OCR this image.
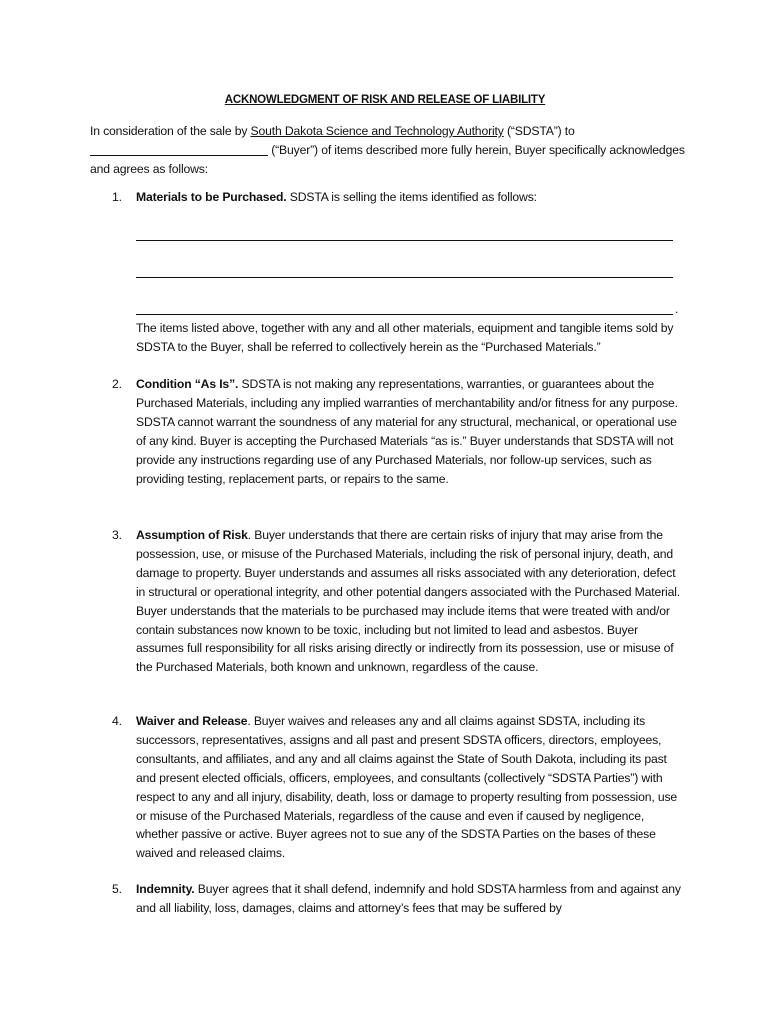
ACKNOWLEDGMENT OF RISK AND RELEASE OF LIABILITY
In consideration of the sale by South Dakota Science and Technology Authority (“SDSTA”) to
(“Buyer”) of items described more fully herein, Buyer specifically acknowledges and agrees as follows:
1.	Materials to be Purchased. SDSTA is selling the items identified as follows:
.
The items listed above, together with any and all other materials, equipment and tangible items sold by SDSTA to the Buyer, shall be referred to collectively herein as the “Purchased Materials.”
2.	Condition “As Is”. SDSTA is not making any representations, warranties, or guarantees about the Purchased Materials, including any implied warranties of merchantability and/or fitness for any purpose. SDSTA cannot warrant the soundness of any material for any structural, mechanical, or operational use of any kind. Buyer is accepting the Purchased Materials “as is.” Buyer understands that SDSTA will not provide any instructions regarding use of any Purchased Materials, nor follow-up services, such as providing testing, replacement parts, or repairs to the same.
3.	Assumption of Risk. Buyer understands that there are certain risks of injury that may arise from the possession, use, or misuse of the Purchased Materials, including the risk of personal injury, death, and damage to property. Buyer understands and assumes all risks associated with any deterioration, defect in structural or operational integrity, and other potential dangers associated with the Purchased Material. Buyer understands that the materials to be purchased may include items that were treated with and/or contain substances now known to be toxic, including but not limited to lead and asbestos. Buyer assumes full responsibility for all risks arising directly or indirectly from its possession, use or misuse of the Purchased Materials, both known and unknown, regardless of the cause.
4.	Waiver and Release. Buyer waives and releases any and all claims against SDSTA, including its successors, representatives, assigns and all past and present SDSTA officers, directors, employees, consultants, and affiliates, and any and all claims against the State of South Dakota, including its past and present elected officials, officers, employees, and consultants (collectively “SDSTA Parties”) with respect to any and all injury, disability, death, loss or damage to property resulting from possession, use or misuse of the Purchased Materials, regardless of the cause and even if caused by negligence, whether passive or active. Buyer agrees not to sue any of the SDSTA Parties on the bases of these waived and released claims.
5.	Indemnity. Buyer agrees that it shall defend, indemnify and hold SDSTA harmless from and against any and all liability, loss, damages, claims and attorney’s fees that may be suffered by
